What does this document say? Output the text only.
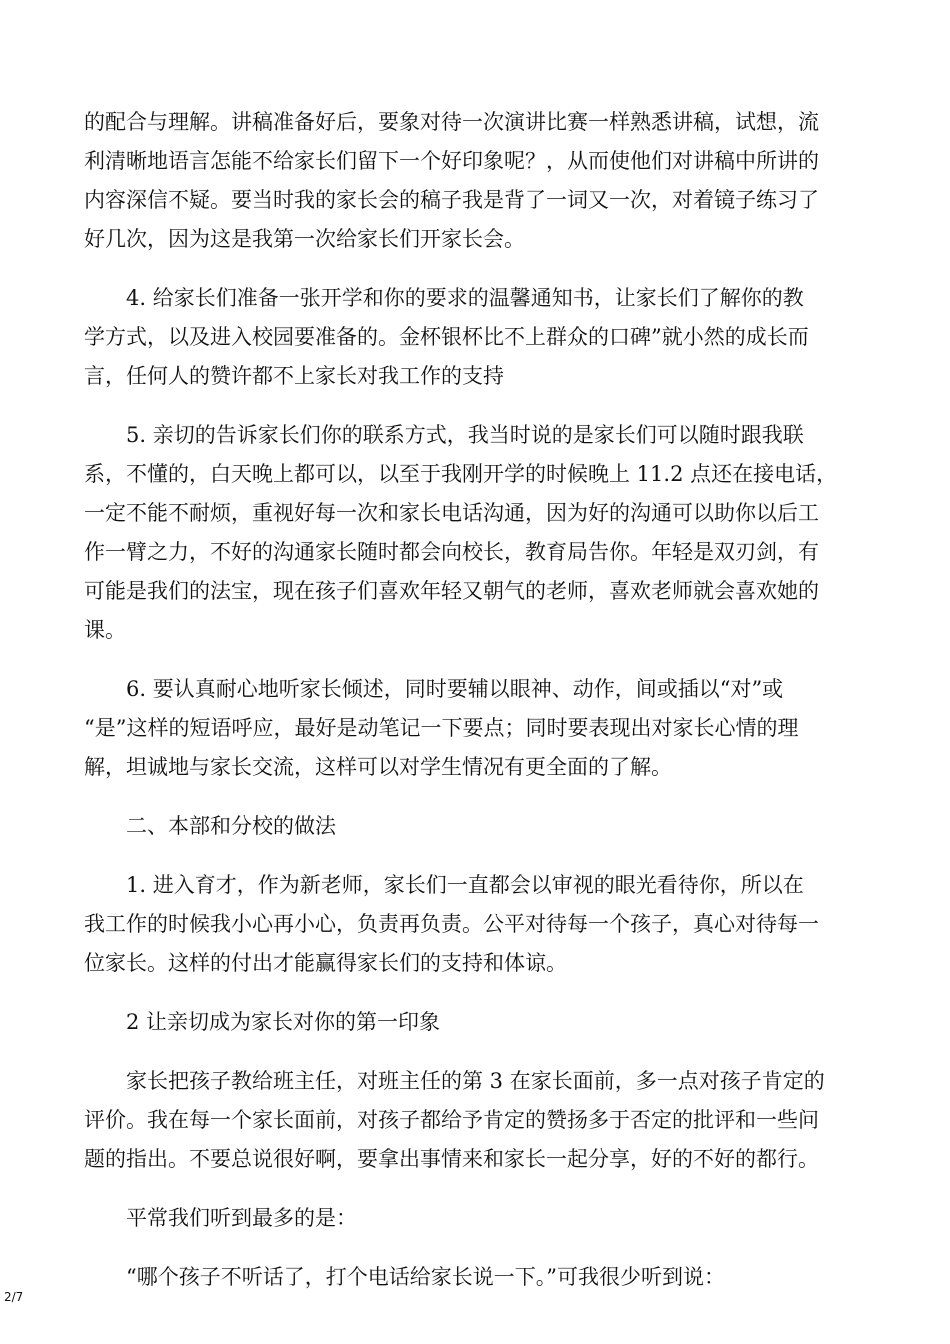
的配合与理解。讲稿准备好后，要象对待一次演讲比赛一样熟悉讲稿，试想，流
利清晰地语言怎能不给家长们留下一个好印象呢？，从而使他们对讲稿中所讲的
内容深信不疑。要当时我的家长会的稿子我是背了一词又一次，对着镜子练习了
好几次，因为这是我第一次给家长们开家长会。
4. 给家长们准备一张开学和你的要求的温馨通知书，让家长们了解你的教
学方式，以及进入校园要准备的。金杯银杯比不上群众的口碑”就小然的成长而
言，任何人的赞许都不上家长对我工作的支持
5. 亲切的告诉家长们你的联系方式，我当时说的是家长们可以随时跟我联
系，不懂的，白天晚上都可以，以至于我刚开学的时候晚上 11.2 点还在接电话，
一定不能不耐烦，重视好每一次和家长电话沟通，因为好的沟通可以助你以后工
作一臂之力，不好的沟通家长随时都会向校长，教育局告你。年轻是双刃剑，有
可能是我们的法宝，现在孩子们喜欢年轻又朝气的老师，喜欢老师就会喜欢她的
课。
6. 要认真耐心地听家长倾述，同时要辅以眼神、动作，间或插以“对”或
“是”这样的短语呼应，最好是动笔记一下要点；同时要表现出对家长心情的理
解，坦诚地与家长交流，这样可以对学生情况有更全面的了解。
二、本部和分校的做法
1. 进入育才，作为新老师，家长们一直都会以审视的眼光看待你，所以在
我工作的时候我小心再小心，负责再负责。公平对待每一个孩子，真心对待每一
位家长。这样的付出才能赢得家长们的支持和体谅。
2 让亲切成为家长对你的第一印象
家长把孩子教给班主任，对班主任的第 3 在家长面前，多一点对孩子肯定的
评价。我在每一个家长面前，对孩子都给予肯定的赞扬多于否定的批评和一些问
题的指出。不要总说很好啊，要拿出事情来和家长一起分享，好的不好的都行。
平常我们听到最多的是：
“哪个孩子不听话了，打个电话给家长说一下。”可我很少听到说：
2/7
